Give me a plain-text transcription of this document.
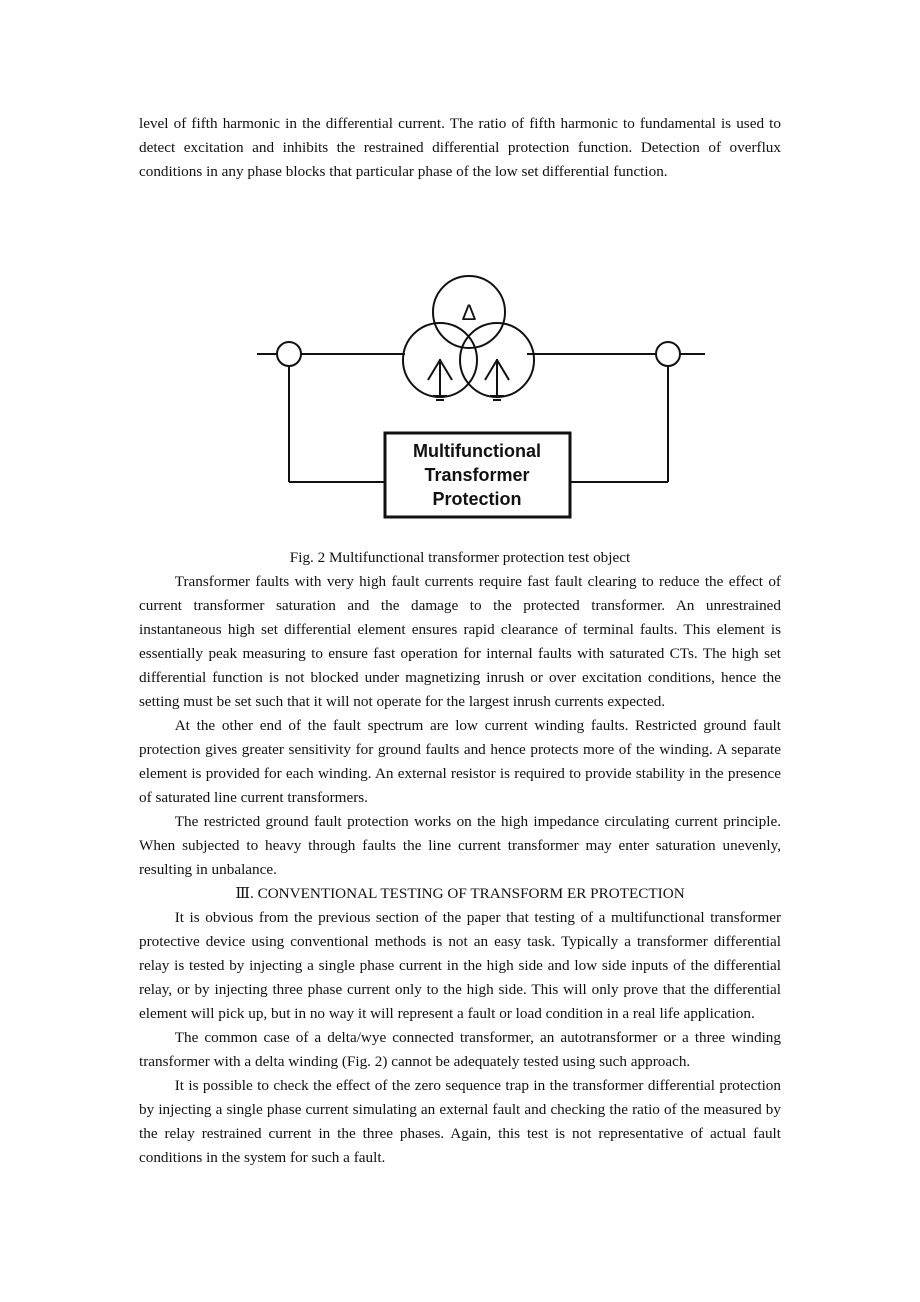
level of fifth harmonic in the differential current. The ratio of fifth harmonic to fundamental is used to detect excitation and inhibits the restrained differential protection function. Detection of overflux conditions in any phase blocks that particular phase of the low set differential function.

Δ
Multifunctional
Transformer
Protection

Fig. 2 Multifunctional transformer protection test object

Transformer faults with very high fault currents require fast fault clearing to reduce the effect of current transformer saturation and the damage to the protected transformer. An unrestrained instantaneous high set differential element ensures rapid clearance of terminal faults. This element is essentially peak measuring to ensure fast operation for internal faults with saturated CTs. The high set differential function is not blocked under magnetizing inrush or over excitation conditions, hence the setting must be set such that it will not operate for the largest inrush currents expected.

At the other end of the fault spectrum are low current winding faults. Restricted ground fault protection gives greater sensitivity for ground faults and hence protects more of the winding. A separate element is provided for each winding. An external resistor is required to provide stability in the presence of saturated line current transformers.

The restricted ground fault protection works on the high impedance circulating current principle. When subjected to heavy through faults the line current transformer may enter saturation unevenly, resulting in unbalance.

Ⅲ. CONVENTIONAL TESTING OF TRANSFORM ER PROTECTION

It is obvious from the previous section of the paper that testing of a multifunctional transformer protective device using conventional methods is not an easy task. Typically a transformer differential relay is tested by injecting a single phase current in the high side and low side inputs of the differential relay, or by injecting three phase current only to the high side. This will only prove that the differential element will pick up, but in no way it will represent a fault or load condition in a real life application.

The common case of a delta/wye connected transformer, an autotransformer or a three winding transformer with a delta winding (Fig. 2) cannot be adequately tested using such approach.

It is possible to check the effect of the zero sequence trap in the transformer differential protection by injecting a single phase current simulating an external fault and checking the ratio of the measured by the relay restrained current in the three phases. Again, this test is not representative of actual fault conditions in the system for such a fault.
